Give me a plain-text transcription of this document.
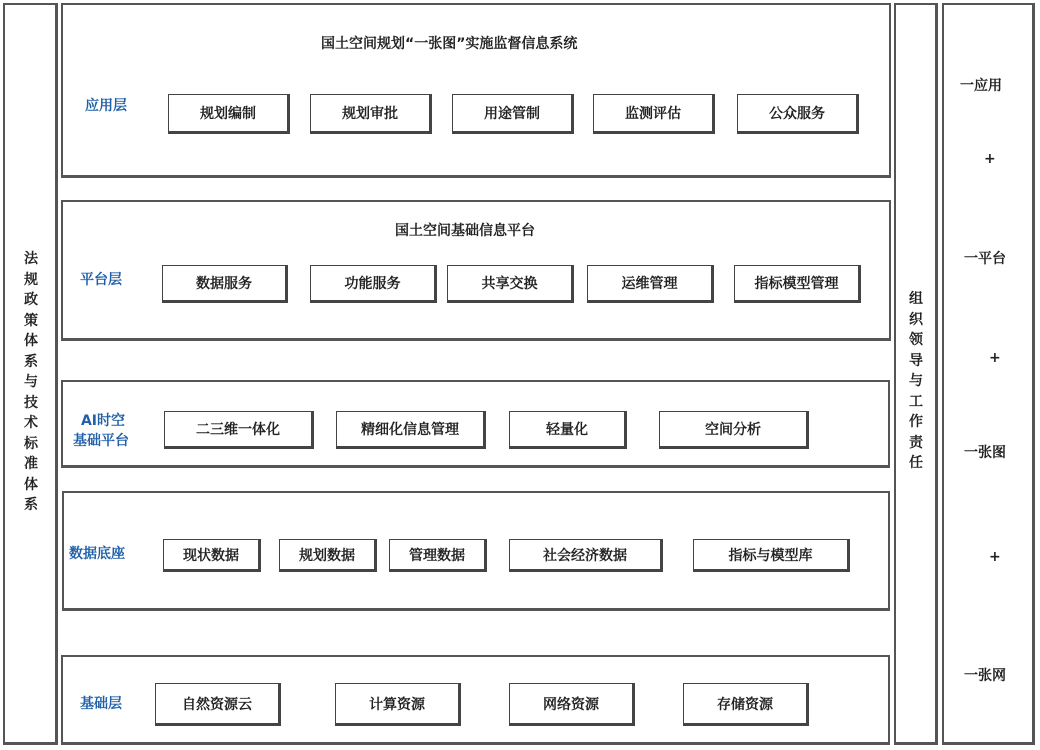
法规政策体系与技术标准体系
组织领导与工作责任
一应用
+
一平台
+
一张图
+
一张网
国土空间规划“一张图”实施监督信息系统
应用层	规划编制	规划审批	用途管制	监测评估	公众服务
国土空间基础信息平台
平台层	数据服务	功能服务	共享交换	运维管理	指标模型管理
AI时空
基础平台
二三维一体化	精细化信息管理	轻量化	空间分析
数据底座	现状数据	规划数据	管理数据	社会经济数据	指标与模型库
基础层	自然资源云	计算资源	网络资源	存储资源
